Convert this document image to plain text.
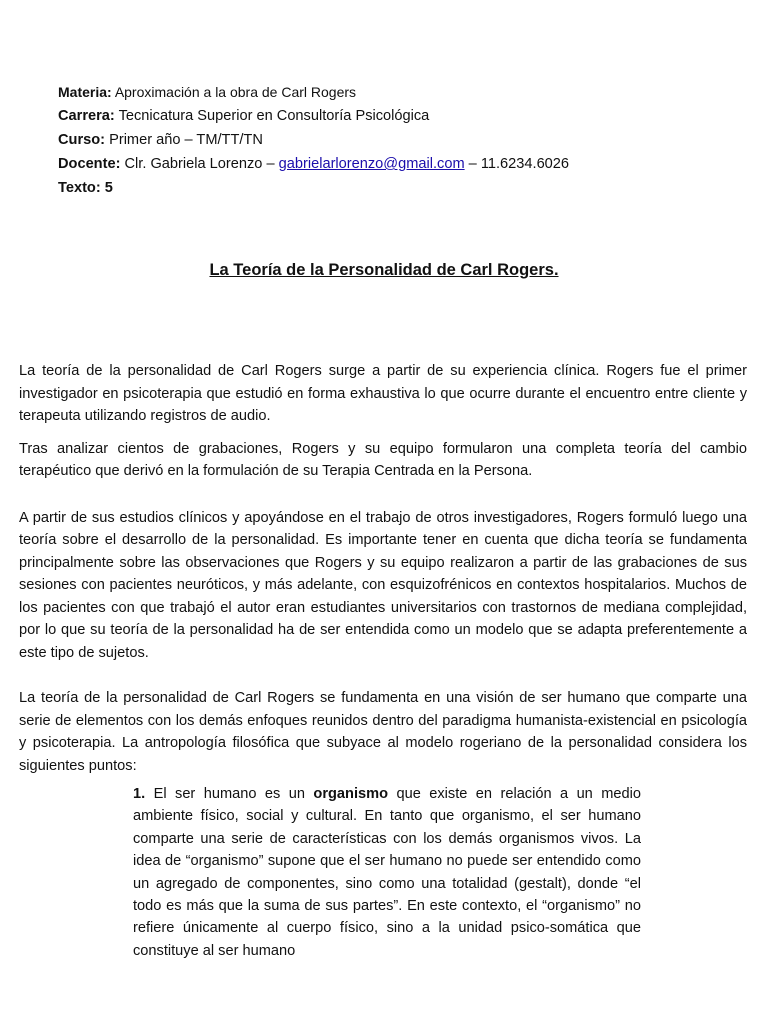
Materia: Aproximación a la obra de Carl Rogers

Carrera: Tecnicatura Superior en Consultoría Psicológica

Curso: Primer año – TM/TT/TN

Docente: Clr. Gabriela Lorenzo – gabrielarlorenzo@gmail.com – 11.6234.6026

Texto: 5

La Teoría de la Personalidad de Carl Rogers.

La teoría de la personalidad de Carl Rogers surge a partir de su experiencia clínica. Rogers fue el primer investigador en psicoterapia que estudió en forma exhaustiva lo que ocurre durante el encuentro entre cliente y terapeuta utilizando registros de audio.

Tras analizar cientos de grabaciones, Rogers y su equipo formularon una completa teoría del cambio terapéutico que derivó en la formulación de su Terapia Centrada en la Persona.

A partir de sus estudios clínicos y apoyándose en el trabajo de otros investigadores, Rogers formuló luego una teoría sobre el desarrollo de la personalidad. Es importante tener en cuenta que dicha teoría se fundamenta principalmente sobre las observaciones que Rogers y su equipo realizaron a partir de las grabaciones de sus sesiones con pacientes neuróticos, y más adelante, con esquizofrénicos en contextos hospitalarios. Muchos de los pacientes con que trabajó el autor eran estudiantes universitarios con trastornos de mediana complejidad, por lo que su teoría de la personalidad ha de ser entendida como un modelo que se adapta preferentemente a este tipo de sujetos.

La teoría de la personalidad de Carl Rogers se fundamenta en una visión de ser humano que comparte una serie de elementos con los demás enfoques reunidos dentro del paradigma humanista-existencial en psicología y psicoterapia. La antropología filosófica que subyace al modelo rogeriano de la personalidad considera los siguientes puntos:

1. El ser humano es un organismo que existe en relación a un medio ambiente físico, social y cultural. En tanto que organismo, el ser humano comparte una serie de características con los demás organismos vivos. La idea de “organismo” supone que el ser humano no puede ser entendido como un agregado de componentes, sino como una totalidad (gestalt), donde “el todo es más que la suma de sus partes”. En este contexto, el “organismo” no refiere únicamente al cuerpo físico, sino a la unidad psico-somática que constituye al ser humano
